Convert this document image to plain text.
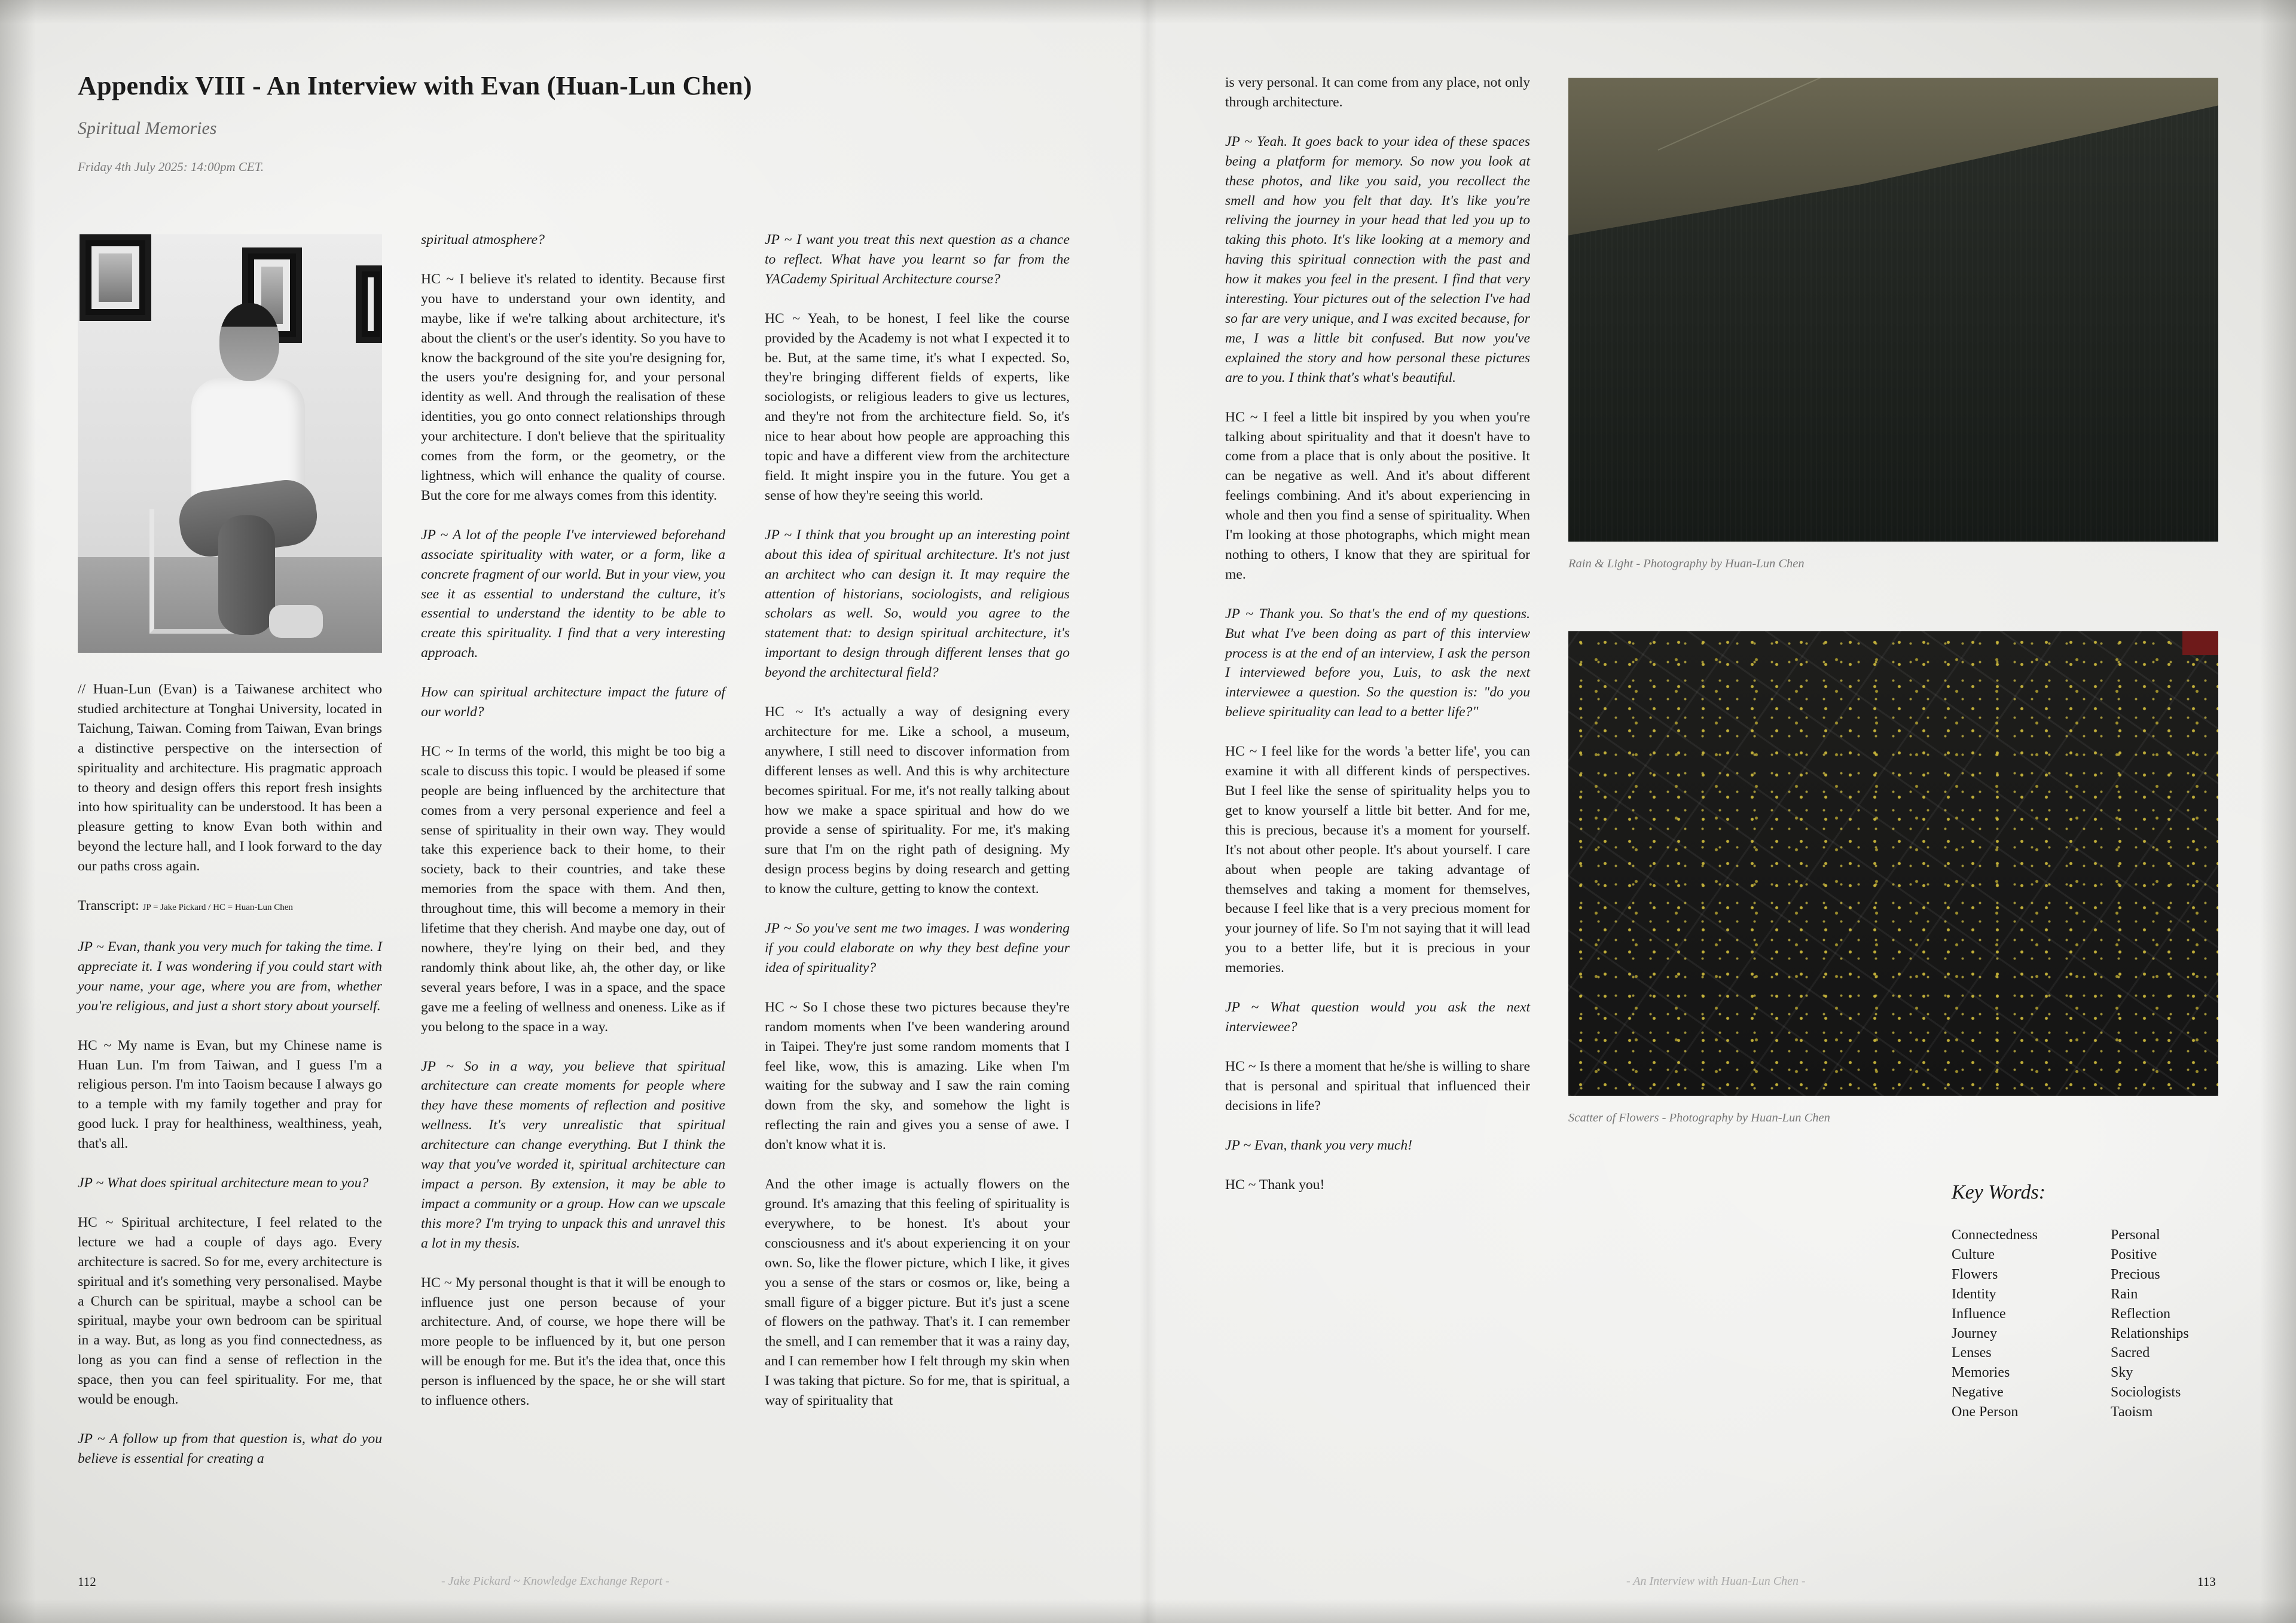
Appendix VIII - An Interview with Evan (Huan-Lun Chen)
Spiritual Memories
Friday 4th July 2025: 14:00pm CET.

// Huan-Lun (Evan) is a Taiwanese architect who studied architecture at Tonghai University, located in Taichung, Taiwan. Coming from Taiwan, Evan brings a distinctive perspective on the intersection of spirituality and architecture. His pragmatic approach to theory and design offers this report fresh insights into how spirituality can be understood. It has been a pleasure getting to know Evan both within and beyond the lecture hall, and I look forward to the day our paths cross again.

Transcript: JP = Jake Pickard / HC = Huan-Lun Chen

JP ~ Evan, thank you very much for taking the time. I appreciate it. I was wondering if you could start with your name, your age, where you are from, whether you're religious, and just a short story about yourself.

HC ~ My name is Evan, but my Chinese name is Huan Lun. I'm from Taiwan, and I guess I'm a religious person. I'm into Taoism because I always go to a temple with my family together and pray for good luck. I pray for healthiness, wealthiness, yeah, that's all.

JP ~ What does spiritual architecture mean to you?

HC ~ Spiritual architecture, I feel related to the lecture we had a couple of days ago. Every architecture is sacred. So for me, every architecture is spiritual and it's something very personalised. Maybe a Church can be spiritual, maybe a school can be spiritual, maybe your own bedroom can be spiritual in a way. But, as long as you find connectedness, as long as you can find a sense of reflection in the space, then you can feel spirituality. For me, that would be enough.

JP ~ A follow up from that question is, what do you believe is essential for creating a

spiritual atmosphere?

HC ~ I believe it's related to identity. Because first you have to understand your own identity, and maybe, like if we're talking about architecture, it's about the client's or the user's identity. So you have to know the background of the site you're designing for, the users you're designing for, and your personal identity as well. And through the realisation of these identities, you go onto connect relationships through your architecture. I don't believe that the spirituality comes from the form, or the geometry, or the lightness, which will enhance the quality of course. But the core for me always comes from this identity.

JP ~ A lot of the people I've interviewed beforehand associate spirituality with water, or a form, like a concrete fragment of our world. But in your view, you see it as essential to understand the culture, it's essential to understand the identity to be able to create this spirituality. I find that a very interesting approach.

How can spiritual architecture impact the future of our world?

HC ~ In terms of the world, this might be too big a scale to discuss this topic. I would be pleased if some people are being influenced by the architecture that comes from a very personal experience and feel a sense of spirituality in their own way. They would take this experience back to their home, to their society, back to their countries, and take these memories from the space with them. And then, throughout time, this will become a memory in their lifetime that they cherish. And maybe one day, out of nowhere, they're lying on their bed, and they randomly think about like, ah, the other day, or like several years before, I was in a space, and the space gave me a feeling of wellness and oneness. Like as if you belong to the space in a way.

JP ~ So in a way, you believe that spiritual architecture can create moments for people where they have these moments of reflection and positive wellness. It's very unrealistic that spiritual architecture can change everything. But I think the way that you've worded it, spiritual architecture can impact a person. By extension, it may be able to impact a community or a group. How can we upscale this more? I'm trying to unpack this and unravel this a lot in my thesis.

HC ~ My personal thought is that it will be enough to influence just one person because of your architecture. And, of course, we hope there will be more people to be influenced by it, but one person will be enough for me. But it's the idea that, once this person is influenced by the space, he or she will start to influence others.

JP ~ I want you treat this next question as a chance to reflect. What have you learnt so far from the YACademy Spiritual Architecture course?

HC ~ Yeah, to be honest, I feel like the course provided by the Academy is not what I expected it to be. But, at the same time, it's what I expected. So, they're bringing different fields of experts, like sociologists, or religious leaders to give us lectures, and they're not from the architecture field. So, it's nice to hear about how people are approaching this topic and have a different view from the architecture field. It might inspire you in the future. You get a sense of how they're seeing this world.

JP ~ I think that you brought up an interesting point about this idea of spiritual architecture. It's not just an architect who can design it. It may require the attention of historians, sociologists, and religious scholars as well. So, would you agree to the statement that: to design spiritual architecture, it's important to design through different lenses that go beyond the architectural field?

HC ~ It's actually a way of designing every architecture for me. Like a school, a museum, anywhere, I still need to discover information from different lenses as well. And this is why architecture becomes spiritual. For me, it's not really talking about how we make a space spiritual and how do we provide a sense of spirituality. For me, it's making sure that I'm on the right path of designing. My design process begins by doing research and getting to know the culture, getting to know the context.

JP ~ So you've sent me two images. I was wondering if you could elaborate on why they best define your idea of spirituality?

HC ~ So I chose these two pictures because they're random moments when I've been wandering around in Taipei. They're just some random moments that I feel like, wow, this is amazing. Like when I'm waiting for the subway and I saw the rain coming down from the sky, and somehow the light is reflecting the rain and gives you a sense of awe. I don't know what it is.

And the other image is actually flowers on the ground. It's amazing that this feeling of spirituality is everywhere, to be honest. It's about your consciousness and it's about experiencing it on your own. So, like the flower picture, which I like, it gives you a sense of the stars or cosmos or, like, being a small figure of a bigger picture. But it's just a scene of flowers on the pathway. That's it. I can remember the smell, and I can remember that it was a rainy day, and I can remember how I felt through my skin when I was taking that picture. So for me, that is spiritual, a way of spirituality that

is very personal. It can come from any place, not only through architecture.

JP ~ Yeah. It goes back to your idea of these spaces being a platform for memory. So now you look at these photos, and like you said, you recollect the smell and how you felt that day. It's like you're reliving the journey in your head that led you up to taking this photo. It's like looking at a memory and having this spiritual connection with the past and how it makes you feel in the present. I find that very interesting. Your pictures out of the selection I've had so far are very unique, and I was excited because, for me, I was a little bit confused. But now you've explained the story and how personal these pictures are to you. I think that's what's beautiful.

HC ~ I feel a little bit inspired by you when you're talking about spirituality and that it doesn't have to come from a place that is only about the positive. It can be negative as well. And it's about different feelings combining. And it's about experiencing in whole and then you find a sense of spirituality. When I'm looking at those photographs, which might mean nothing to others, I know that they are spiritual for me.

JP ~ Thank you. So that's the end of my questions. But what I've been doing as part of this interview process is at the end of an interview, I ask the person I interviewed before you, Luis, to ask the next interviewee a question. So the question is: "do you believe spirituality can lead to a better life?"

HC ~ I feel like for the words 'a better life', you can examine it with all different kinds of perspectives. But I feel like the sense of spirituality helps you to get to know yourself a little bit better. And for me, this is precious, because it's a moment for yourself. It's not about other people. It's about yourself. I care about when people are taking advantage of themselves and taking a moment for themselves, because I feel like that is a very precious moment for your journey of life. So I'm not saying that it will lead you to a better life, but it is precious in your memories.

JP ~ What question would you ask the next interviewee?

HC ~ Is there a moment that he/she is willing to share that is personal and spiritual that influenced their decisions in life?

JP ~ Evan, thank you very much!

HC ~ Thank you!

Rain & Light - Photography by Huan-Lun Chen
Scatter of Flowers - Photography by Huan-Lun Chen
Key Words:
Connectedness
Culture
Flowers
Identity
Influence
Journey
Lenses
Memories
Negative
One Person
Personal
Positive
Precious
Rain
Reflection
Relationships
Sacred
Sky
Sociologists
Taoism
112	- Jake Pickard ~ Knowledge Exchange Report -	- An Interview with Huan-Lun Chen -	113
